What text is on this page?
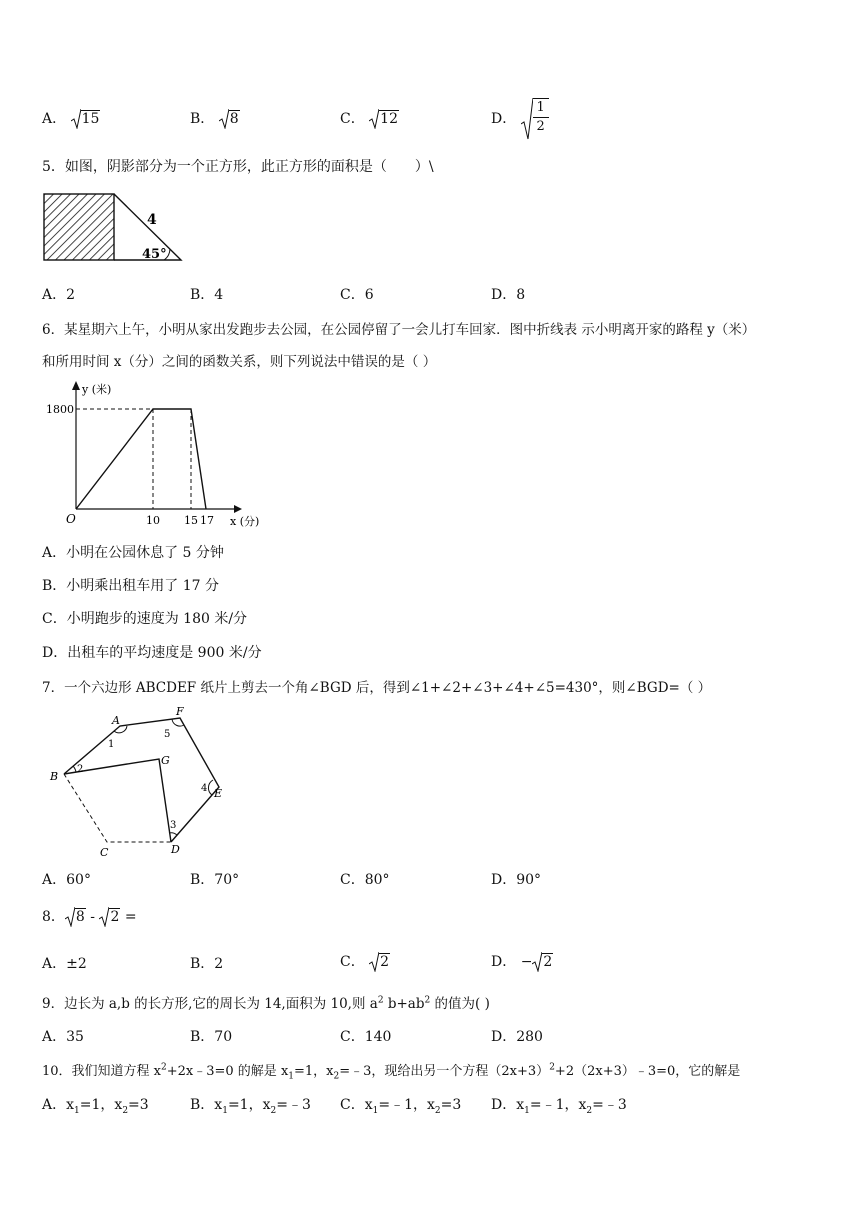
A． 15	B． 8	C． 12	D． $\frac{1}{2}$
5．如图，阴影部分为一个正方形，此正方形的面积是（　　）\
4
45°
A．2	B．4	C．6	D．8
6．某星期六上午，小明从家出发跑步去公园，在公园停留了一会儿打车回家．图中折线表 示小明离开家的路程 y（米）
和所用时间 x（分）之间的函数关系，则下列说法中错误的是（ ）
y (米)
x (分)
O
1800
10 15 17
A．小明在公园休息了 5 分钟
B．小明乘出租车用了 17 分
C．小明跑步的速度为 180 米/分
D．出租车的平均速度是 900 米/分
7．一个六边形 ABCDEF 纸片上剪去一个角∠BGD 后，得到∠1+∠2+∠3+∠4+∠5=430°，则∠BGD=（ ）
A
F
B
G
E
D
C
1
5
2
3
4
A．60°	B．70°	C．80°	D．90°
8． 8 - 2 =
A．±2	B．2	C． 2	D． − 2
9．边长为 a,b 的长方形,它的周长为 14,面积为 10,则 $a^2$ $b+ab^2$ 的值为( )
A．35	B．70	C．140	D．280
10．我们知道方程 $x^2+2x﹣3=0$ 的解是 $x_1=1$，$x_2=﹣3$，现给出另一个方程$(2x+3)^2+2(2x+3)﹣3=0$，它的解是
A．$x_1=1$，$x_2=3$	B．$x_1=1$，$x_2=﹣3$ C．$x_1=﹣1$，$x_2=3$ D．$x_1=﹣1$，$x_2=﹣3$
